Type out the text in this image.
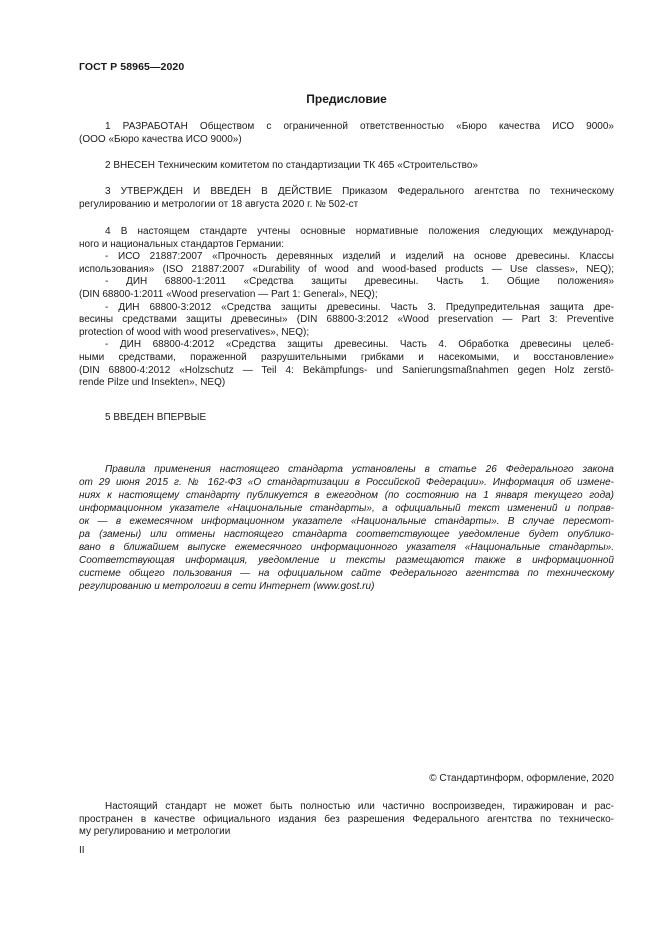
ГОСТ Р 58965—2020
Предисловие
1 РАЗРАБОТАН Обществом с ограниченной ответственностью «Бюро качества ИСО 9000»
(ООО «Бюро качества ИСО 9000»)
2 ВНЕСЕН Техническим комитетом по стандартизации ТК 465 «Строительство»
3 УТВЕРЖДЕН И ВВЕДЕН В ДЕЙСТВИЕ Приказом Федерального агентства по техническому
регулированию и метрологии от 18 августа 2020 г. № 502-ст
4 В настоящем стандарте учтены основные нормативные положения следующих международ-
ного и национальных стандартов Германии:
- ИСО 21887:2007 «Прочность деревянных изделий и изделий на основе древесины. Классы
использования» (ISO 21887:2007 «Durability of wood and wood-based products — Use classes», NEQ);
- ДИН 68800-1:2011 «Средства защиты древесины. Часть 1. Общие положения»
(DIN 68800-1:2011 «Wood preservation — Part 1: General», NEQ);
- ДИН 68800-3:2012 «Средства защиты древесины. Часть 3. Предупредительная защита дре-
весины средствами защиты древесины» (DIN 68800-3:2012 «Wood preservation — Part 3: Preventive
protection of wood with wood preservatives», NEQ);
- ДИН 68800-4:2012 «Средства защиты древесины. Часть 4. Обработка древесины целеб-
ными средствами, пораженной разрушительными грибками и насекомыми, и восстановление»
(DIN 68800-4:2012 «Holzschutz — Teil 4: Bekämpfungs- und Sanierungsmaßnahmen gegen Holz zerstö-
rende Pilze und Insekten», NEQ)
5 ВВЕДЕН ВПЕРВЫЕ
Правила применения настоящего стандарта установлены в статье 26 Федерального закона
от 29 июня 2015 г. № 162-ФЗ «О стандартизации в Российской Федерации». Информация об измене-
ниях к настоящему стандарту публикуется в ежегодном (по состоянию на 1 января текущего года)
информационном указателе «Национальные стандарты», а официальный текст изменений и поправ-
ок — в ежемесячном информационном указателе «Национальные стандарты». В случае пересмот-
ра (замены) или отмены настоящего стандарта соответствующее уведомление будет опублико-
вано в ближайшем выпуске ежемесячного информационного указателя «Национальные стандарты».
Соответствующая информация, уведомление и тексты размещаются также в информационной
системе общего пользования — на официальном сайте Федерального агентства по техническому
регулированию и метрологии в сети Интернет (www.gost.ru)
© Стандартинформ, оформление, 2020
Настоящий стандарт не может быть полностью или частично воспроизведен, тиражирован и рас-
пространен в качестве официального издания без разрешения Федерального агентства по техническо-
му регулированию и метрологии
II
